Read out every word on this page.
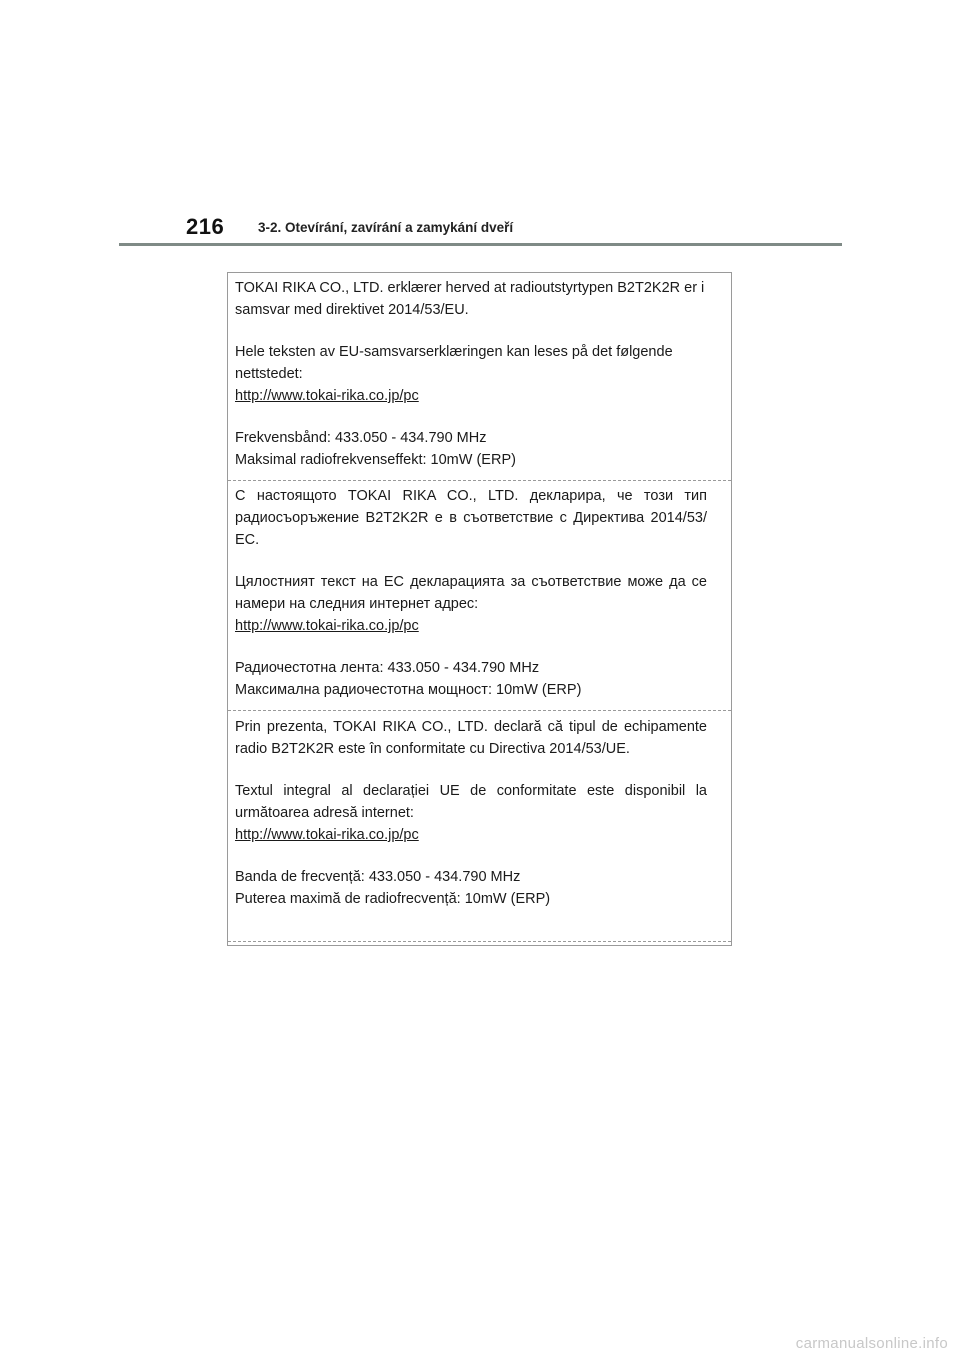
216	3-2. Otevírání, zavírání a zamykání dveří

TOKAI RIKA CO., LTD. erklærer herved at radioutstyrtypen B2T2K2R er i samsvar med direktivet 2014/53/EU.

Hele teksten av EU-samsvarserklæringen kan leses på det følgende nettstedet:

http://www.tokai-rika.co.jp/pc

Frekvensbånd: 433.050 - 434.790 MHz

Maksimal radiofrekvenseffekt: 10mW (ERP)

С настоящото TOKAI RIKA CO., LTD. декларира, че този тип радиосъоръжение B2T2K2R е в съответствие с Директива 2014/53/ЕС.

Цялостният текст на ЕС декларацията за съответствие може да се намери на следния интернет адрес:

http://www.tokai-rika.co.jp/pc

Радиочестотна лента: 433.050 - 434.790 MHz

Максимална радиочестотна мощност: 10mW (ERP)

Prin prezenta, TOKAI RIKA CO., LTD. declară că tipul de echipamente radio B2T2K2R este în conformitate cu Directiva 2014/53/UE.

Textul integral al declarației UE de conformitate este disponibil la următoarea adresă internet:

http://www.tokai-rika.co.jp/pc

Banda de frecvență: 433.050 - 434.790 MHz

Puterea maximă de radiofrecvență: 10mW (ERP)

carmanualsonline.info
